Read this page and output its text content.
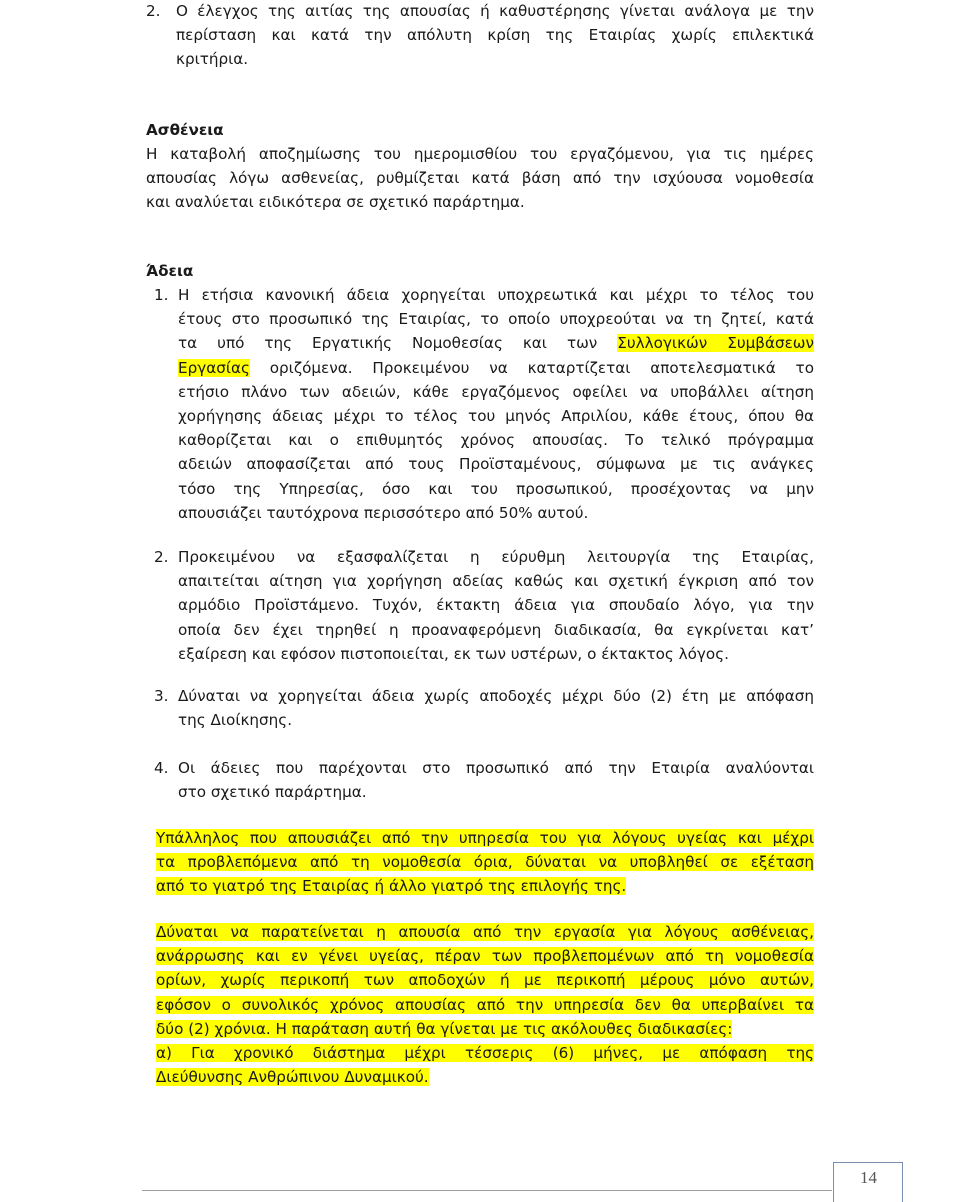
2. Ο έλεγχος της αιτίας της απουσίας ή καθυστέρησης γίνεται ανάλογα με την
περίσταση και κατά την απόλυτη κρίση της Εταιρίας χωρίς επιλεκτικά
κριτήρια.
Ασθένεια
Η καταβολή αποζημίωσης του ημερομισθίου του εργαζόμενου, για τις ημέρες
απουσίας λόγω ασθενείας, ρυθμίζεται κατά βάση από την ισχύουσα νομοθεσία
και αναλύεται ειδικότερα σε σχετικό παράρτημα.
Άδεια
1. Η ετήσια κανονική άδεια χορηγείται υποχρεωτικά και μέχρι το τέλος του
έτους στο προσωπικό της Εταιρίας, το οποίο υποχρεούται να τη ζητεί, κατά
τα υπό της Εργατικής Νομοθεσίας και των Συλλογικών Συμβάσεων
Εργασίας οριζόμενα. Προκειμένου να καταρτίζεται αποτελεσματικά το
ετήσιο πλάνο των αδειών, κάθε εργαζόμενος οφείλει να υποβάλλει αίτηση
χορήγησης άδειας μέχρι το τέλος του μηνός Απριλίου, κάθε έτους, όπου θα
καθορίζεται και ο επιθυμητός χρόνος απουσίας. Το τελικό πρόγραμμα
αδειών αποφασίζεται από τους Προϊσταμένους, σύμφωνα με τις ανάγκες
τόσο της Υπηρεσίας, όσο και του προσωπικού, προσέχοντας να μην
απουσιάζει ταυτόχρονα περισσότερο από 50% αυτού.
2. Προκειμένου να εξασφαλίζεται η εύρυθμη λειτουργία της Εταιρίας,
απαιτείται αίτηση για χορήγηση αδείας καθώς και σχετική έγκριση από τον
αρμόδιο Προϊστάμενο. Τυχόν, έκτακτη άδεια για σπουδαίο λόγο, για την
οποία δεν έχει τηρηθεί η προαναφερόμενη διαδικασία, θα εγκρίνεται κατ’
εξαίρεση και εφόσον πιστοποιείται, εκ των υστέρων, ο έκτακτος λόγος.
3. Δύναται να χορηγείται άδεια χωρίς αποδοχές μέχρι δύο (2) έτη με απόφαση
της Διοίκησης.
4. Οι άδειες που παρέχονται στο προσωπικό από την Εταιρία αναλύονται
στο σχετικό παράρτημα.
Υπάλληλος που απουσιάζει από την υπηρεσία του για λόγους υγείας και μέχρι
τα προβλεπόμενα από τη νομοθεσία όρια, δύναται να υποβληθεί σε εξέταση
από το γιατρό της Εταιρίας ή άλλο γιατρό της επιλογής της.
Δύναται να παρατείνεται η απουσία από την εργασία για λόγους ασθένειας,
ανάρρωσης και εν γένει υγείας, πέραν των προβλεπομένων από τη νομοθεσία
ορίων, χωρίς περικοπή των αποδοχών ή με περικοπή μέρους μόνο αυτών,
εφόσον ο συνολικός χρόνος απουσίας από την υπηρεσία δεν θα υπερβαίνει τα
δύο (2) χρόνια. Η παράταση αυτή θα γίνεται με τις ακόλουθες διαδικασίες:
α) Για χρονικό διάστημα μέχρι τέσσερις (6) μήνες, με απόφαση της
Διεύθυνσης Ανθρώπινου Δυναμικού.
14
